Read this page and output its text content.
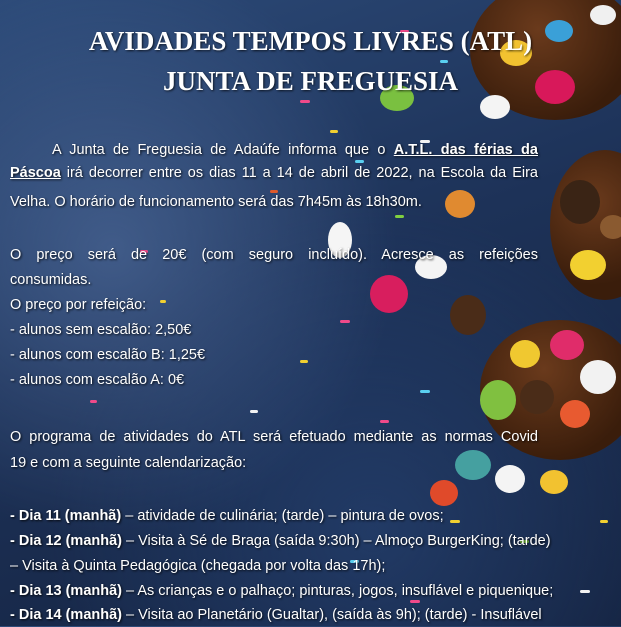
AVIDADES TEMPOS LIVRES (ATL)
JUNTA DE FREGUESIA
A Junta de Freguesia de Adaúfe informa que o A.T.L. das férias da Páscoa irá decorrer entre os dias 11 a 14 de abril de 2022, na Escola da Eira
Velha. O horário de funcionamento será das 7h45m às 18h30m.
O preço será de 20€ (com seguro incluído). Acresce as refeições
consumidas.
O preço por refeição:
- alunos sem escalão: 2,50€
- alunos com escalão B: 1,25€
- alunos com escalão A: 0€
O programa de atividades do ATL será efetuado mediante as normas Covid
19 e com a seguinte calendarização:
- Dia 11 (manhã) – atividade de culinária; (tarde) – pintura de ovos;
- Dia 12 (manhã) – Visita à Sé de Braga (saída 9:30h) – Almoço BurgerKing; (tarde)
– Visita à Quinta Pedagógica (chegada por volta das 17h);
- Dia 13 (manhã) – As crianças e o palhaço; pinturas, jogos, insuflável e piquenique;
- Dia 14 (manhã) – Visita ao Planetário (Gualtar), (saída às 9h); (tarde) - Insuflável
